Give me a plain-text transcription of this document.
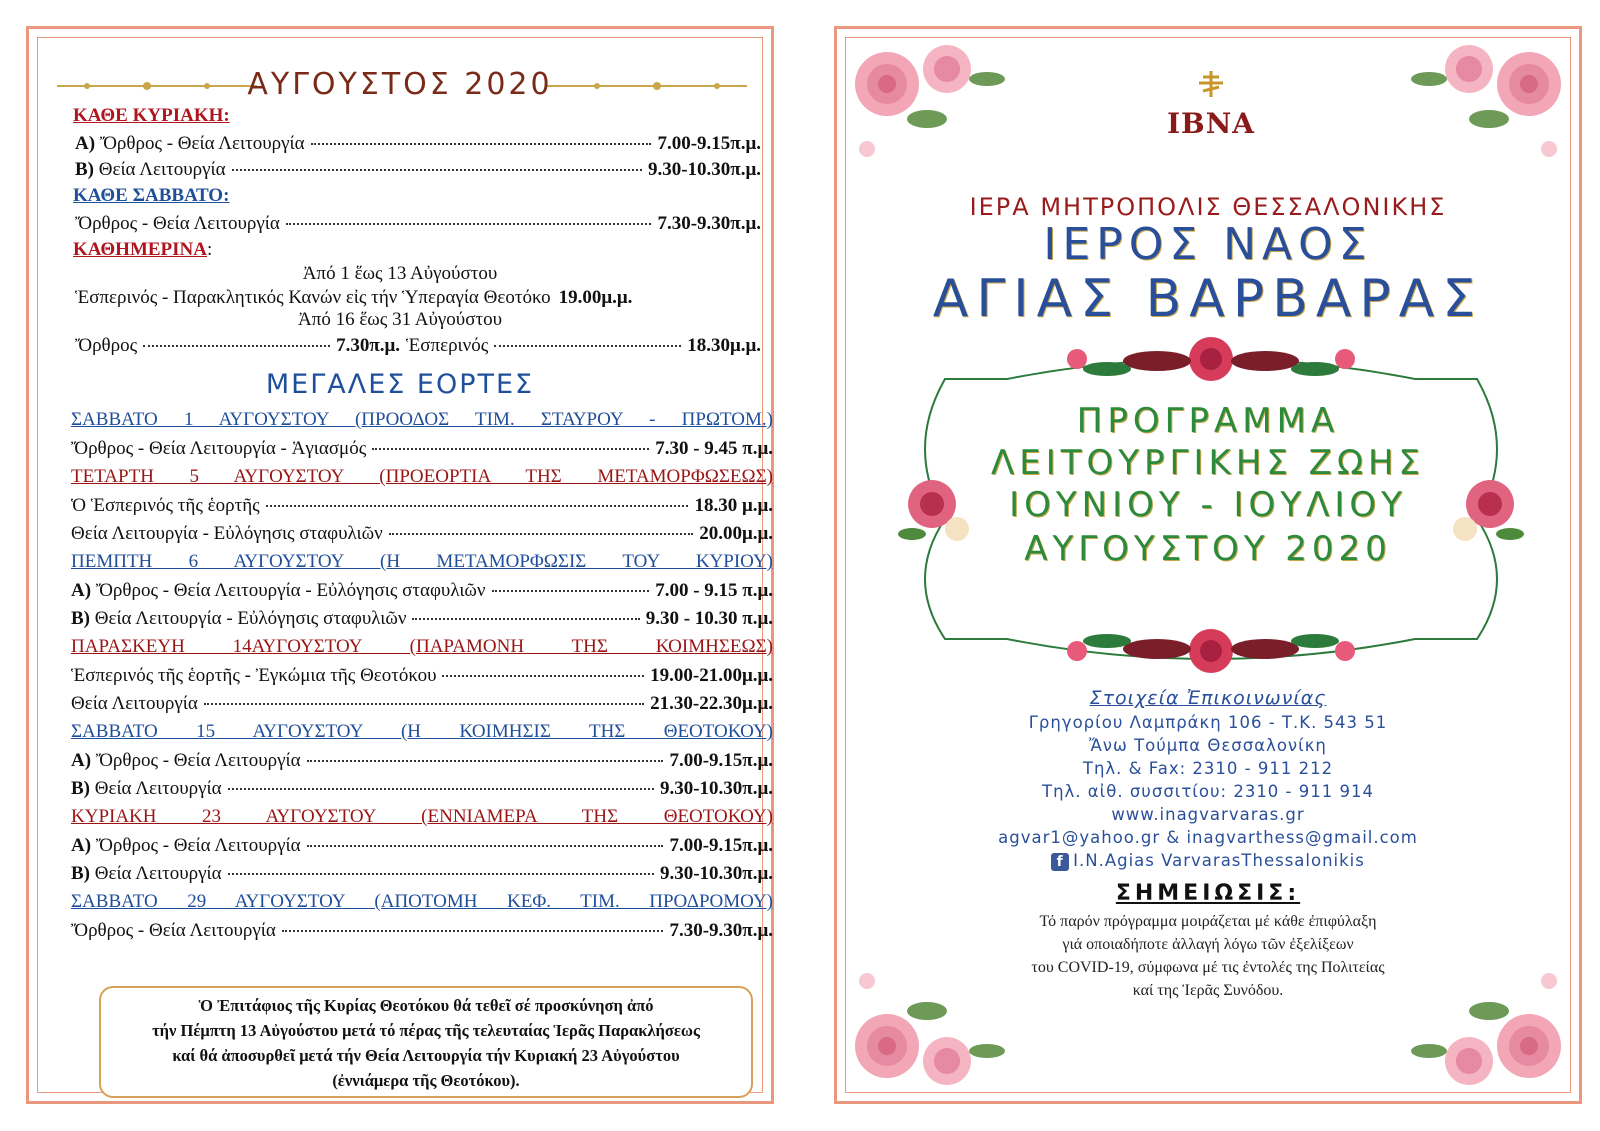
ΑΥΓΟΥΣΤΟΣ 2020
ΚΑΘΕ ΚΥΡΙΑΚΗ:
Α) Ὄρθρος - Θεία Λειτουργία	7.00-9.15π.μ.
Β) Θεία Λειτουργία	9.30-10.30π.μ.
ΚΑΘΕ ΣΑΒΒΑΤΟ:
Ὄρθρος - Θεία Λειτουργία	7.30-9.30π.μ.
ΚΑΘΗΜΕΡΙΝΑ:
Ἀπό 1 ἕως 13 Αὐγούστου
Ἑσπερινός - Παρακλητικός Κανών εἰς τήν Ὑπεραγία Θεοτόκο 19.00μ.μ.
Ἀπό 16 ἕως 31 Αὐγούστου
Ὄρθρος	7.30π.μ. Ἑσπερινός	18.30μ.μ.
ΜΕΓΑΛΕΣ ΕΟΡΤΕΣ
ΣΑΒΒΑΤΟ 1 ΑΥΓΟΥΣΤΟΥ (ΠΡΟΟΔΟΣ ΤΙΜ. ΣΤΑΥΡΟΥ - ΠΡΩΤΟΜ.)
Ὄρθρος - Θεία Λειτουργία - Ἁγιασμός	7.30 - 9.45 π.μ.
ΤΕΤΑΡΤΗ 5 ΑΥΓΟΥΣΤΟΥ (ΠΡΟΕΟΡΤΙΑ ΤΗΣ ΜΕΤΑΜΟΡΦΩΣΕΩΣ)
Ὁ Ἑσπερινός τῆς ἑορτῆς	18.30 μ.μ.
Θεία Λειτουργία - Εὐλόγησις σταφυλιῶν	20.00μ.μ.
ΠΕΜΠΤΗ 6 ΑΥΓΟΥΣΤΟΥ (Η ΜΕΤΑΜΟΡΦΩΣΙΣ ΤΟΥ ΚΥΡΙΟΥ)
Α) Ὄρθρος - Θεία Λειτουργία - Εὐλόγησις σταφυλιῶν	7.00 - 9.15 π.μ.
Β) Θεία Λειτουργία - Εὐλόγησις σταφυλιῶν	9.30 - 10.30 π.μ.
ΠΑΡΑΣΚΕΥΗ 14ΑΥΓΟΥΣΤΟΥ (ΠΑΡΑΜΟΝΗ ΤΗΣ ΚΟΙΜΗΣΕΩΣ)
Ἑσπερινός τῆς ἑορτῆς - Ἐγκώμια τῆς Θεοτόκου	19.00-21.00μ.μ.
Θεία Λειτουργία	21.30-22.30μ.μ.
ΣΑΒΒΑΤΟ 15 ΑΥΓΟΥΣΤΟΥ (Η ΚΟΙΜΗΣΙΣ ΤΗΣ ΘΕΟΤΟΚΟΥ)
Α) Ὄρθρος - Θεία Λειτουργία	7.00-9.15π.μ.
Β) Θεία Λειτουργία	9.30-10.30π.μ.
ΚΥΡΙΑΚΗ 23 ΑΥΓΟΥΣΤΟΥ (ΕΝΝΙΑΜΕΡΑ ΤΗΣ ΘΕΟΤΟΚΟΥ)
Α) Ὄρθρος - Θεία Λειτουργία	7.00-9.15π.μ.
Β) Θεία Λειτουργία	9.30-10.30π.μ.
ΣΑΒΒΑΤΟ 29 ΑΥΓΟΥΣΤΟΥ (ΑΠΟΤΟΜΗ ΚΕΦ. ΤΙΜ. ΠΡΟΔΡΟΜΟΥ)
Ὄρθρος - Θεία Λειτουργία	7.30-9.30π.μ.
Ὁ Ἐπιτάφιος τῆς Κυρίας Θεοτόκου θά τεθεῖ σέ προσκύνηση ἀπό
τήν Πέμπτη 13 Αὐγούστου μετά τό πέρας τῆς τελευταίας Ἱερᾶς Παρακλήσεως
καί θά ἀποσυρθεῖ μετά τήν Θεία Λειτουργία τήν Κυριακή 23 Αὐγούστου
(ἐννιάμερα τῆς Θεοτόκου).
ΙΒΝΑ
ΙΕΡΑ ΜΗΤΡΟΠΟΛΙΣ ΘΕΣΣΑΛΟΝΙΚΗΣ
ΙΕΡΟΣ ΝΑΟΣ
ΑΓΙΑΣ ΒΑΡΒΑΡΑΣ
ΠΡΟΓΡΑΜΜΑ
ΛΕΙΤΟΥΡΓΙΚΗΣ ΖΩΗΣ
ΙΟΥΝΙΟΥ - ΙΟΥΛΙΟΥ
ΑΥΓΟΥΣΤΟΥ 2020
Στοιχεία Ἐπικοινωνίας
Γρηγορίου Λαμπράκη 106 - Τ.Κ. 543 51
Ἄνω Τούμπα Θεσσαλονίκη
Τηλ. & Fax: 2310 - 911 212
Τηλ. αἰθ. συσσιτίου: 2310 - 911 914
www.inagvarvaras.gr
agvar1@yahoo.gr & inagvarthess@gmail.com
f I.N.Agias VarvarasThessalonikis
ΣΗΜΕΙΩΣΙΣ:
Τό παρόν πρόγραμμα μοιράζεται μέ κάθε ἐπιφύλαξη
γιά οποιαδήποτε ἀλλαγή λόγω τῶν ἐξελίξεων
του COVID-19, σύμφωνα μέ τις ἐντολές της Πολιτείας
καί της Ἱερᾶς Συνόδου.
